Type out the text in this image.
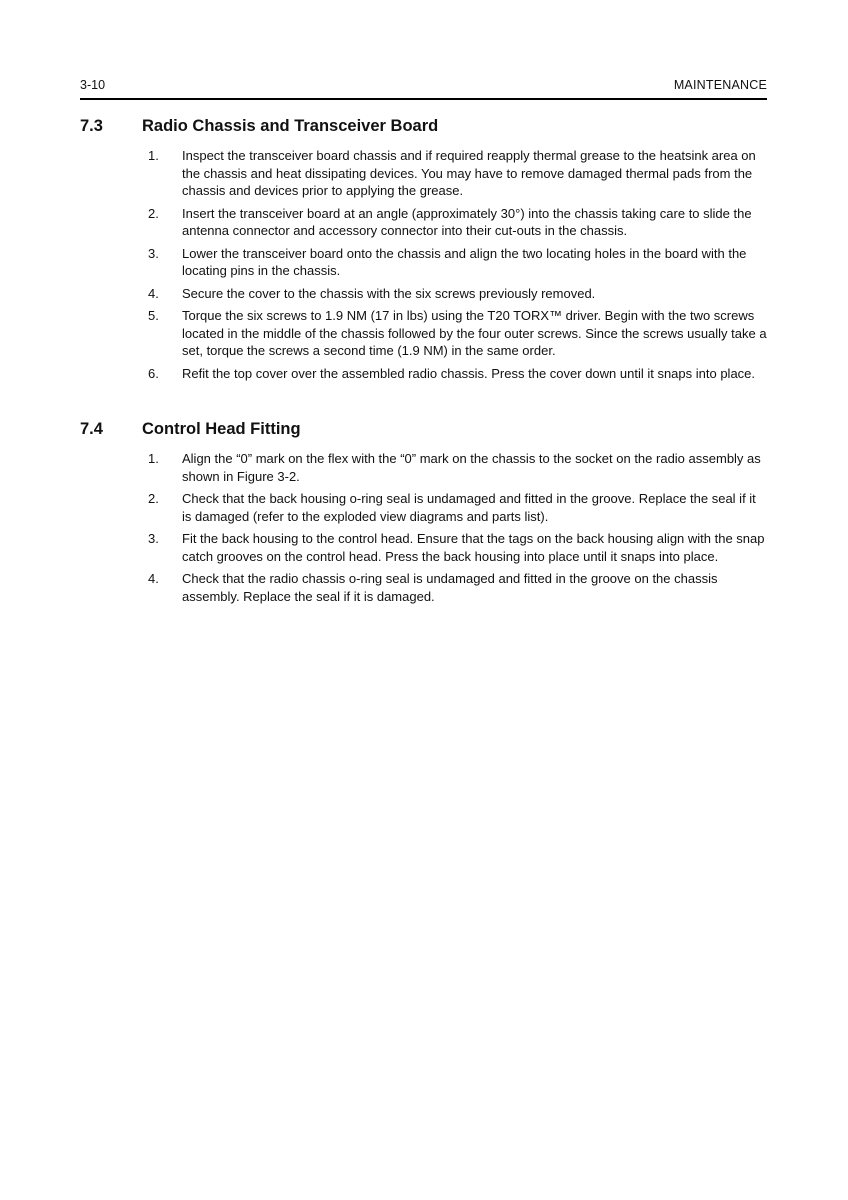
3-10	MAINTENANCE
7.3 Radio Chassis and Transceiver Board
1. Inspect the transceiver board chassis and if required reapply thermal grease to the heatsink area on the chassis and heat dissipating devices. You may have to remove damaged thermal pads from the chassis and devices prior to applying the grease.
2. Insert the transceiver board at an angle (approximately 30°) into the chassis taking care to slide the antenna connector and accessory connector into their cut-outs in the chassis.
3. Lower the transceiver board onto the chassis and align the two locating holes in the board with the locating pins in the chassis.
4. Secure the cover to the chassis with the six screws previously removed.
5. Torque the six screws to 1.9 NM (17 in lbs) using the T20 TORX™ driver. Begin with the two screws located in the middle of the chassis followed by the four outer screws. Since the screws usually take a set, torque the screws a second time (1.9 NM) in the same order.
6. Refit the top cover over the assembled radio chassis. Press the cover down until it snaps into place.
7.4 Control Head Fitting
1. Align the “0” mark on the flex with the “0” mark on the chassis to the socket on the radio assembly as shown in Figure 3-2.
2. Check that the back housing o-ring seal is undamaged and fitted in the groove. Replace the seal if it is damaged (refer to the exploded view diagrams and parts list).
3. Fit the back housing to the control head. Ensure that the tags on the back housing align with the snap catch grooves on the control head. Press the back housing into place until it snaps into place.
4. Check that the radio chassis o-ring seal is undamaged and fitted in the groove on the chassis assembly. Replace the seal if it is damaged.
